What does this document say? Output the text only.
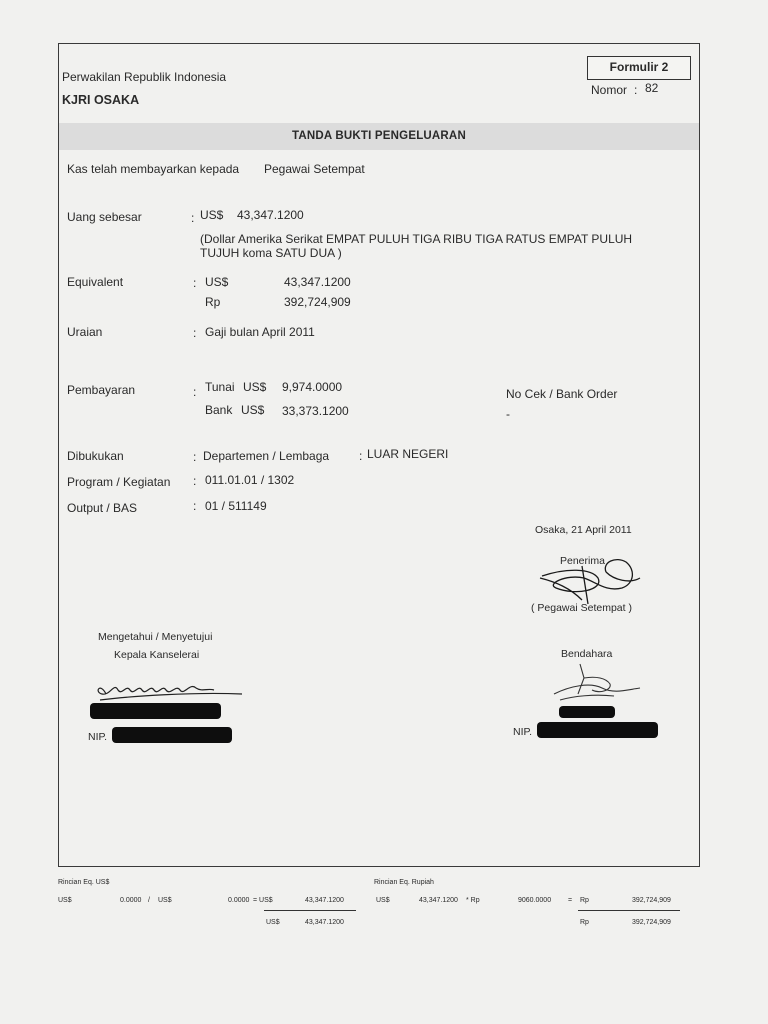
Perwakilan Republik Indonesia
KJRI OSAKA
Formulir 2
Nomor : 82
TANDA BUKTI PENGELUARAN
Kas telah membayarkan kepada Pegawai Setempat
Uang sebesar	: US$ 43,347.1200
(Dollar Amerika Serikat EMPAT PULUH TIGA RIBU TIGA RATUS EMPAT PULUH
TUJUH koma SATU DUA )
Equivalent	: US$	43,347.1200
Rp	392,724,909
Uraian	: Gaji bulan April 2011
Pembayaran	: Tunai US$ 9,974.0000
Bank US$ 33,373.1200
No Cek / Bank Order
-
Dibukukan	: Departemen / Lembaga : LUAR NEGERI
Program / Kegiatan : 011.01.01 / 1302
Output / BAS	: 01 / 511149
Osaka, 21 April 2011
Penerima
( Pegawai Setempat )
Mengetahui / Menyetujui
Kepala Kanselerai
NIP.
Bendahara
NIP.
Rincian Eq. US$
US$	0.0000 / US$	0.0000 = US$	43,347.1200
US$	43,347.1200
Rincian Eq. Rupiah
US$	43,347.1200 * Rp	9060.0000 = Rp	392,724,909
Rp	392,724,909
